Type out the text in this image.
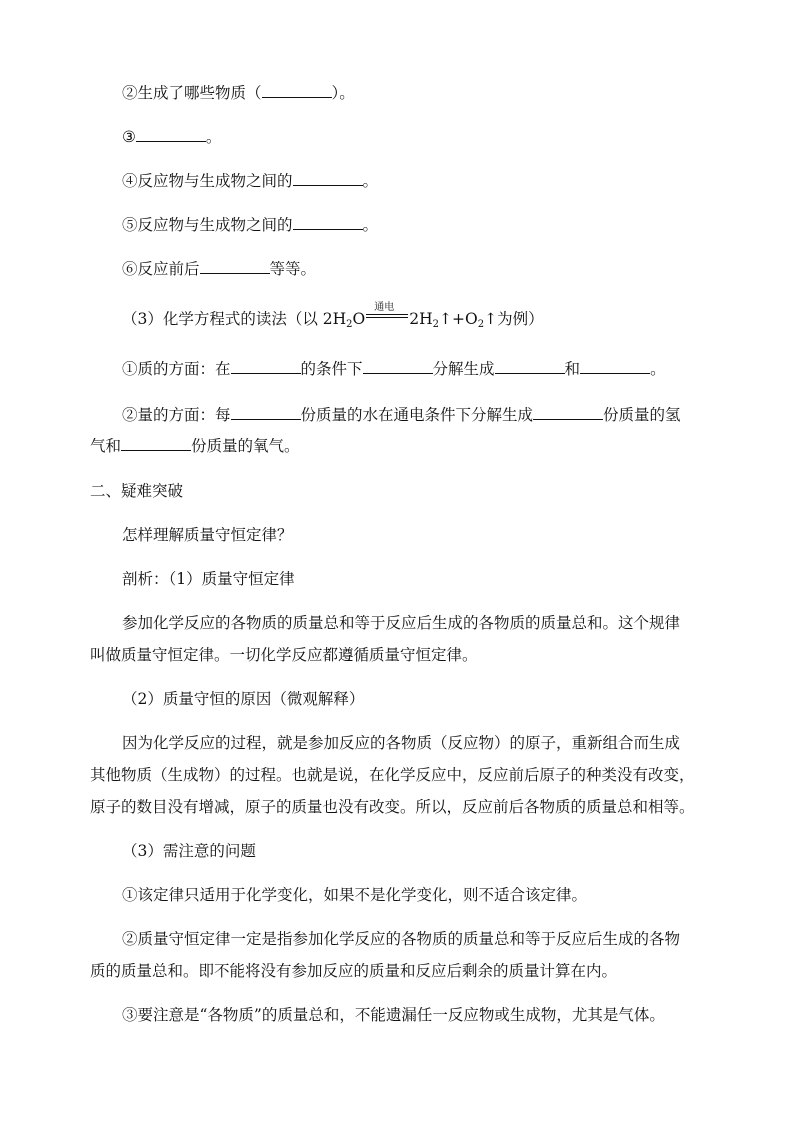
②生成了哪些物质（	）。
③	。
④反应物与生成物之间的	。
⑤反应物与生成物之间的	。
⑥反应前后	等等。
（3）化学方程式的读法（以 $2H_2O$
通电
$2H_2↑+O_2↑$为例）
①质的方面：在	的条件下	分解生成	和	。
②量的方面：每	份质量的水在通电条件下分解生成	份质量的氢
气和	份质量的氧气。
二、疑难突破
怎样理解质量守恒定律？
剖析：（1）质量守恒定律
参加化学反应的各物质的质量总和等于反应后生成的各物质的质量总和。这个规律
叫做质量守恒定律。一切化学反应都遵循质量守恒定律。
（2）质量守恒的原因（微观解释）
因为化学反应的过程，就是参加反应的各物质（反应物）的原子，重新组合而生成
其他物质（生成物）的过程。也就是说，在化学反应中，反应前后原子的种类没有改变，
原子的数目没有增减，原子的质量也没有改变。所以，反应前后各物质的质量总和相等。
（3）需注意的问题
①该定律只适用于化学变化，如果不是化学变化，则不适合该定律。
②质量守恒定律一定是指参加化学反应的各物质的质量总和等于反应后生成的各物
质的质量总和。即不能将没有参加反应的质量和反应后剩余的质量计算在内。
③要注意是“各物质”的质量总和，不能遗漏任一反应物或生成物，尤其是气体。
